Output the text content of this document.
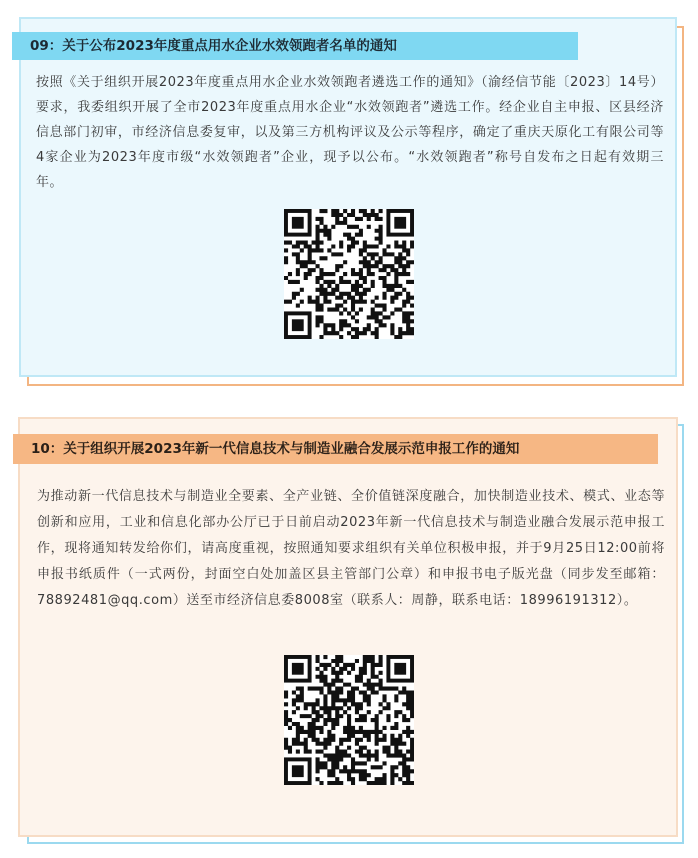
09：关于公布2023年度重点用水企业水效领跑者名单的通知
按照《关于组织开展2023年度重点用水企业水效领跑者遴选工作的通知》（渝经信节能〔2023〕14号）要求，我委组织开展了全市2023年度重点用水企业“水效领跑者”遴选工作。经企业自主申报、区县经济信息部门初审，市经济信息委复审，以及第三方机构评议及公示等程序，确定了重庆天原化工有限公司等4家企业为2023年度市级“水效领跑者”企业，现予以公布。“水效领跑者”称号自发布之日起有效期三年。
10：关于组织开展2023年新一代信息技术与制造业融合发展示范申报工作的通知
为推动新一代信息技术与制造业全要素、全产业链、全价值链深度融合，加快制造业技术、模式、业态等创新和应用，工业和信息化部办公厅已于日前启动2023年新一代信息技术与制造业融合发展示范申报工作，现将通知转发给你们，请高度重视，按照通知要求组织有关单位积极申报，并于9月25日12:00前将申报书纸质件（一式两份，封面空白处加盖区县主管部门公章）和申报书电子版光盘（同步发至邮箱：78892481@qq.com）送至市经济信息委8008室（联系人：周静，联系电话：18996191312）。
